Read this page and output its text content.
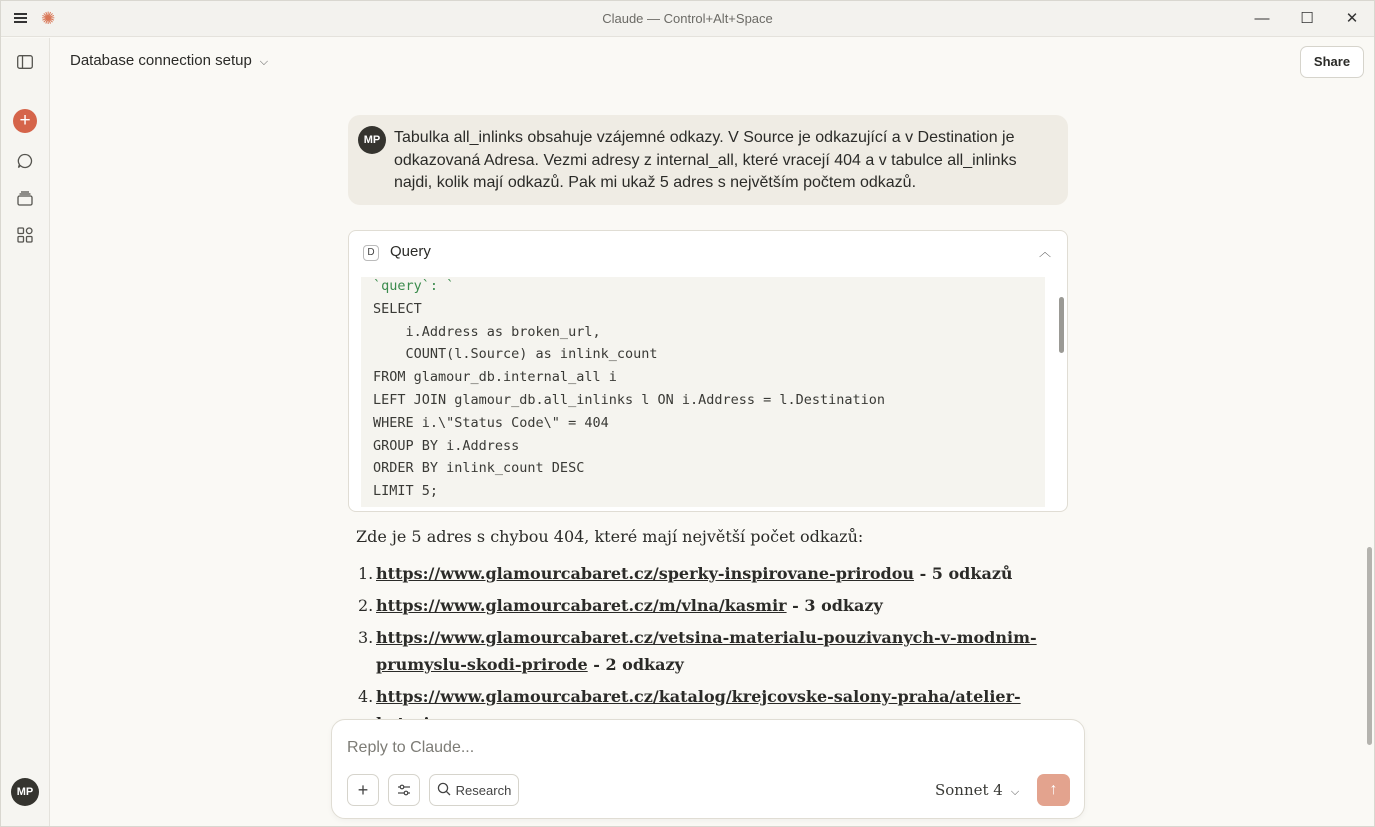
✺	Claude — Control+Alt+Space	— ☐ ✕
+
MP
Database connection setup ⌵	Share
MP Tabulka all_inlinks obsahuje vzájemné odkazy. V Source je odkazující a v Destination je odkazovaná Adresa. Vezmi adresy z internal_all, které vracejí 404 a v tabulce all_inlinks najdi, kolik mají odkazů. Pak mi ukaž 5 adres s největším počtem odkazů.
D Query	︿
`query`: `
SELECT
i.Address as broken_url,
COUNT(l.Source) as inlink_count
FROM glamour_db.internal_all i
LEFT JOIN glamour_db.all_inlinks l ON i.Address = l.Destination
WHERE i.\"Status Code\" = 404
GROUP BY i.Address
ORDER BY inlink_count DESC
LIMIT 5;
Zde je 5 adres s chybou 404, které mají největší počet odkazů:
1. https://www.glamourcabaret.cz/sperky-inspirovane-prirodou - 5 odkazů
2. https://www.glamourcabaret.cz/m/vlna/kasmir - 3 odkazy
3. https://www.glamourcabaret.cz/vetsina-materialu-pouzivanych-v-modnim-prumyslu-skodi-prirode - 2 odkazy
4. https://www.glamourcabaret.cz/katalog/krejcovske-salony-praha/atelier-
Reply to Claude...
+	Research	Sonnet 4 ⌵	↑
